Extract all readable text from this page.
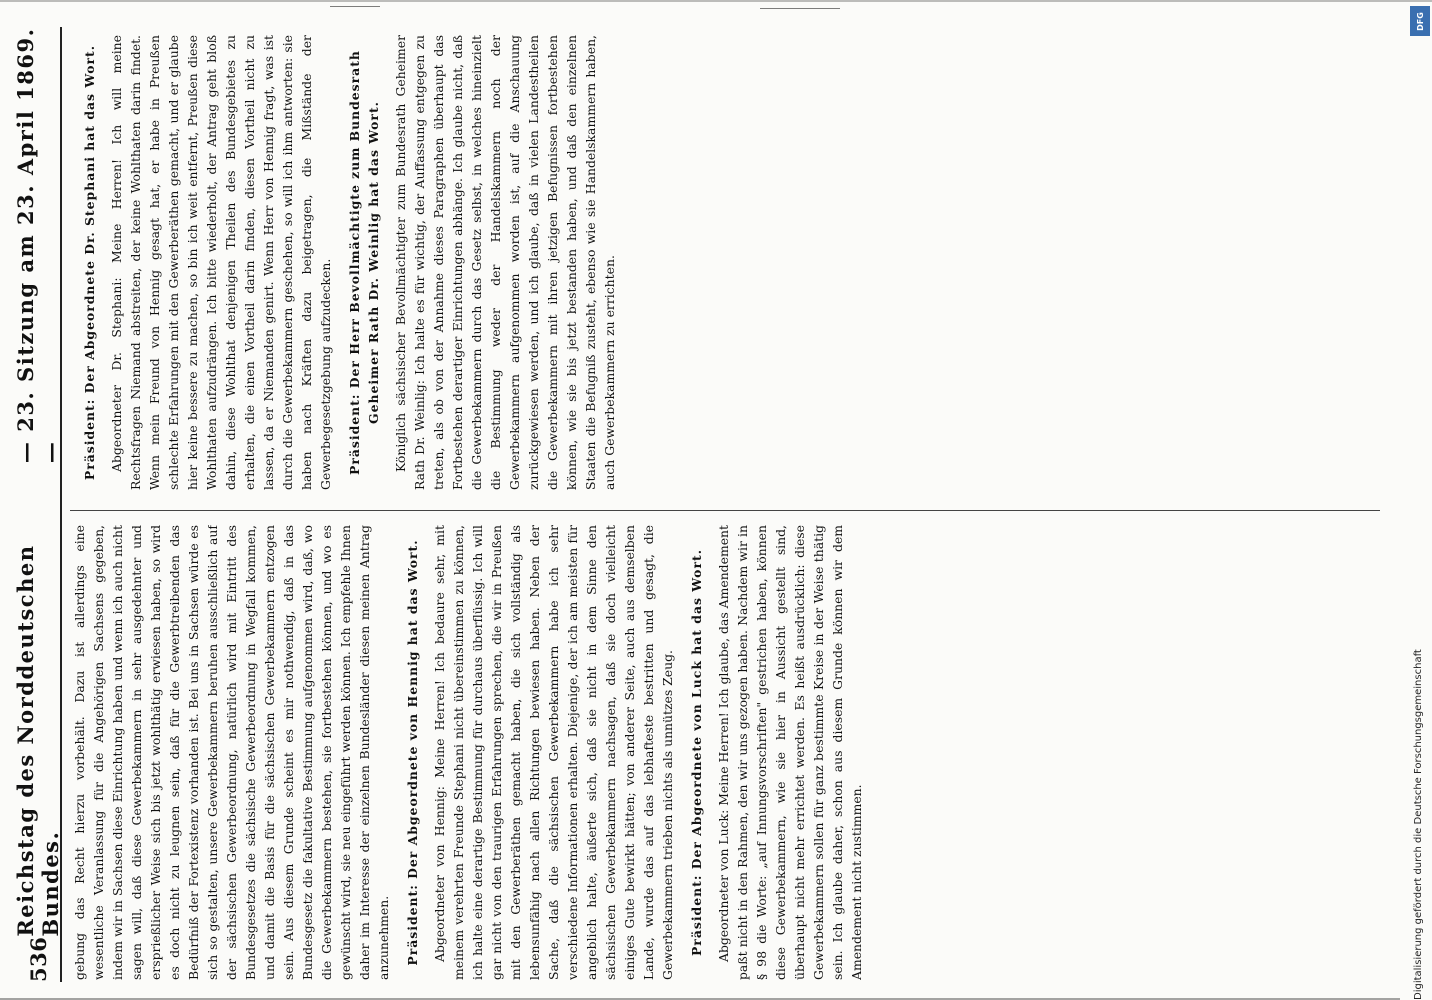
536
Reichstag des Norddeutschen Bundes.
— 23. Sitzung am 23. April 1869. —

gebung das Recht hierzu vorbehält. Dazu ist allerdings eine wesentliche Veranlassung für die Angehörigen Sachsens gegeben, indem wir in Sachsen diese Einrichtung haben und wenn ich auch nicht sagen will, daß diese Gewerbekammern in sehr ausgedehnter und ersprießlicher Weise sich bis jetzt wohlthätig erwiesen haben, so wird es doch nicht zu leugnen sein, daß für die Gewerbtreibenden das Bedürfniß der Fortexistenz vorhanden ist. Bei uns in Sachsen würde es sich so gestalten, unsere Gewerbekammern beruhen ausschließlich auf der sächsischen Gewerbeordnung, natürlich wird mit Eintritt des Bundesgesetzes die sächsische Gewerbeordnung in Wegfall kommen, und damit die Basis für die sächsischen Gewerbekammern entzogen sein. Aus diesem Grunde scheint es mir nothwendig, daß in das Bundesgesetz die fakultative Bestimmung aufgenommen wird, daß, wo die Gewerbekammern bestehen, sie fortbestehen können, und wo es gewünscht wird, sie neu eingeführt werden können. Ich empfehle Ihnen daher im Interesse der einzelnen Bundesländer diesen meinen Antrag anzunehmen. Präsident: Der Abgeordnete von Hennig hat das Wort. Abgeordneter von Hennig: Meine Herren! Ich bedaure sehr, mit meinem verehrten Freunde Stephani nicht übereinstimmen zu können, ich halte eine derartige Bestimmung für durchaus überflüssig. Ich will gar nicht von den traurigen Erfahrungen sprechen, die wir in Preußen mit den Gewerberäthen gemacht haben, die sich vollständig als lebensunfähig nach allen Richtungen bewiesen haben. Neben der Sache, daß die sächsischen Gewerbekammern habe ich sehr verschiedene Informationen erhalten. Diejenige, der ich am meisten für angeblich halte, äußerte sich, daß sie nicht in dem Sinne den sächsischen Gewerbekammern nachsagen, daß sie doch vielleicht einiges Gute bewirkt hätten; von anderer Seite, auch aus demselben Lande, wurde das auf das lebhafteste bestritten und gesagt, die Gewerbekammern trieben nichts als unnützes Zeug. Präsident: Der Abgeordnete von Luck hat das Wort. Abgeordneter von Luck: Meine Herren! Ich glaube, das Amendement paßt nicht in den Rahmen, den wir uns gezogen haben. Nachdem wir in § 98 die Worte: „auf Innungsvorschriften" gestrichen haben, können diese Gewerbekammern, wie sie hier in Aussicht gestellt sind, überhaupt nicht mehr errichtet werden. Es heißt ausdrücklich: diese Gewerbekammern sollen für ganz bestimmte Kreise in der Weise thätig sein. Ich glaube daher, schon aus diesem Grunde können wir dem Amendement nicht zustimmen.

Präsident: Der Abgeordnete Dr. Stephani hat das Wort. Abgeordneter Dr. Stephani: Meine Herren! Ich will meine Rechtsfragen Niemand abstreiten, der keine Wohlthaten darin findet. Wenn mein Freund von Hennig gesagt hat, er habe in Preußen schlechte Erfahrungen mit den Gewerberäthen gemacht, und er glaube hier keine bessere zu machen, so bin ich weit entfernt, Preußen diese Wohlthaten aufzudrängen. Ich bitte wiederholt, der Antrag geht bloß dahin, diese Wohlthat denjenigen Theilen des Bundesgebietes zu erhalten, die einen Vortheil darin finden, diesen Vortheil nicht zu lassen, da er Niemanden genirt. Wenn Herr von Hennig fragt, was ist durch die Gewerbekammern geschehen, so will ich ihm antworten: sie haben nach Kräften dazu beigetragen, die Mißstände der Gewerbegesetzgebung aufzudecken. Präsident: Der Herr Bevollmächtigte zum Bundesrath Geheimer Rath Dr. Weinlig hat das Wort. Königlich sächsischer Bevollmächtigter zum Bundesrath Geheimer Rath Dr. Weinlig: Ich halte es für wichtig, der Auffassung entgegen zu treten, als ob von der Annahme dieses Paragraphen überhaupt das Fortbestehen derartiger Einrichtungen abhänge. Ich glaube nicht, daß die Gewerbekammern durch das Gesetz selbst, in welches hineinzielt die Bestimmung weder der Handelskammern noch der Gewerbekammern aufgenommen worden ist, auf die Anschauung zurückgewiesen werden, und ich glaube, daß in vielen Landestheilen die Gewerbekammern mit ihren jetzigen Befugnissen fortbestehen können, wie sie bis jetzt bestanden haben, und daß den einzelnen Staaten die Befugniß zusteht, ebenso wie sie Handelskammern haben, auch Gewerbekammern zu errichten.

DFG
Digitalisierung gefördert durch die Deutsche Forschungsgemeinschaft
